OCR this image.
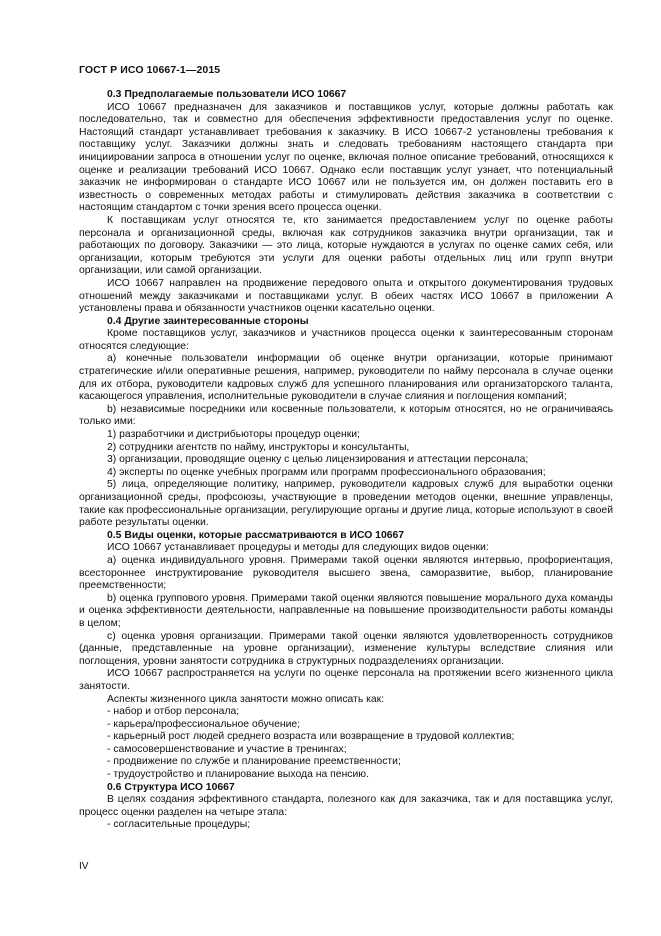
ГОСТ Р ИСО 10667-1—2015

0.3 Предполагаемые пользователи ИСО 10667

ИСО 10667 предназначен для заказчиков и поставщиков услуг, которые должны работать как последовательно, так и совместно для обеспечения эффективности предоставления услуг по оценке. Настоящий стандарт устанавливает требования к заказчику. В ИСО 10667-2 установлены требования к поставщику услуг. Заказчики должны знать и следовать требованиям настоящего стандарта при инициировании запроса в отношении услуг по оценке, включая полное описание требований, относящихся к оценке и реализации требований ИСО 10667. Однако если поставщик услуг узнает, что потенциальный заказчик не информирован о стандарте ИСО 10667 или не пользуется им, он должен поставить его в известность о современных методах работы и стимулировать действия заказчика в соответствии с настоящим стандартом с точки зрения всего процесса оценки.

К поставщикам услуг относятся те, кто занимается предоставлением услуг по оценке работы персонала и организационной среды, включая как сотрудников заказчика внутри организации, так и работающих по договору. Заказчики — это лица, которые нуждаются в услугах по оценке самих себя, или организации, которым требуются эти услуги для оценки работы отдельных лиц или групп внутри организации, или самой организации.

ИСО 10667 направлен на продвижение передового опыта и открытого документирования трудовых отношений между заказчиками и поставщиками услуг. В обеих частях ИСО 10667 в приложении А установлены права и обязанности участников оценки касательно оценки.

0.4 Другие заинтересованные стороны

Кроме поставщиков услуг, заказчиков и участников процесса оценки к заинтересованным сторонам относятся следующие:

a) конечные пользователи информации об оценке внутри организации, которые принимают стратегические и/или оперативные решения, например, руководители по найму персонала в случае оценки для их отбора, руководители кадровых служб для успешного планирования или организаторского таланта, касающегося управления, исполнительные руководители в случае слияния и поглощения компаний;

b) независимые посредники или косвенные пользователи, к которым относятся, но не ограничиваясь только ими:

1) разработчики и дистрибьюторы процедур оценки;

2) сотрудники агентств по найму, инструкторы и консультанты,

3) организации, проводящие оценку с целью лицензирования и аттестации персонала;

4) эксперты по оценке учебных программ или программ профессионального образования;

5) лица, определяющие политику, например, руководители кадровых служб для выработки оценки организационной среды, профсоюзы, участвующие в проведении методов оценки, внешние управленцы, такие как профессиональные организации, регулирующие органы и другие лица, которые используют в своей работе результаты оценки.

0.5 Виды оценки, которые рассматриваются в ИСО 10667

ИСО 10667 устанавливает процедуры и методы для следующих видов оценки:

a) оценка индивидуального уровня. Примерами такой оценки являются интервью, профориентация, всестороннее инструктирование руководителя высшего звена, саморазвитие, выбор, планирование преемственности;

b) оценка группового уровня. Примерами такой оценки являются повышение морального духа команды и оценка эффективности деятельности, направленные на повышение производительности работы команды в целом;

c) оценка уровня организации. Примерами такой оценки являются удовлетворенность сотрудников (данные, представленные на уровне организации), изменение культуры вследствие слияния или поглощения, уровни занятости сотрудника в структурных подразделениях организации.

ИСО 10667 распространяется на услуги по оценке персонала на протяжении всего жизненного цикла занятости.

Аспекты жизненного цикла занятости можно описать как:

- набор и отбор персонала;

- карьера/профессиональное обучение;

- карьерный рост людей среднего возраста или возвращение в трудовой коллектив;

- самосовершенствование и участие в тренингах;

- продвижение по службе и планирование преемственности;

- трудоустройство и планирование выхода на пенсию.

0.6 Структура ИСО 10667

В целях создания эффективного стандарта, полезного как для заказчика, так и для поставщика услуг, процесс оценки разделен на четыре этапа:

- согласительные процедуры;

IV
